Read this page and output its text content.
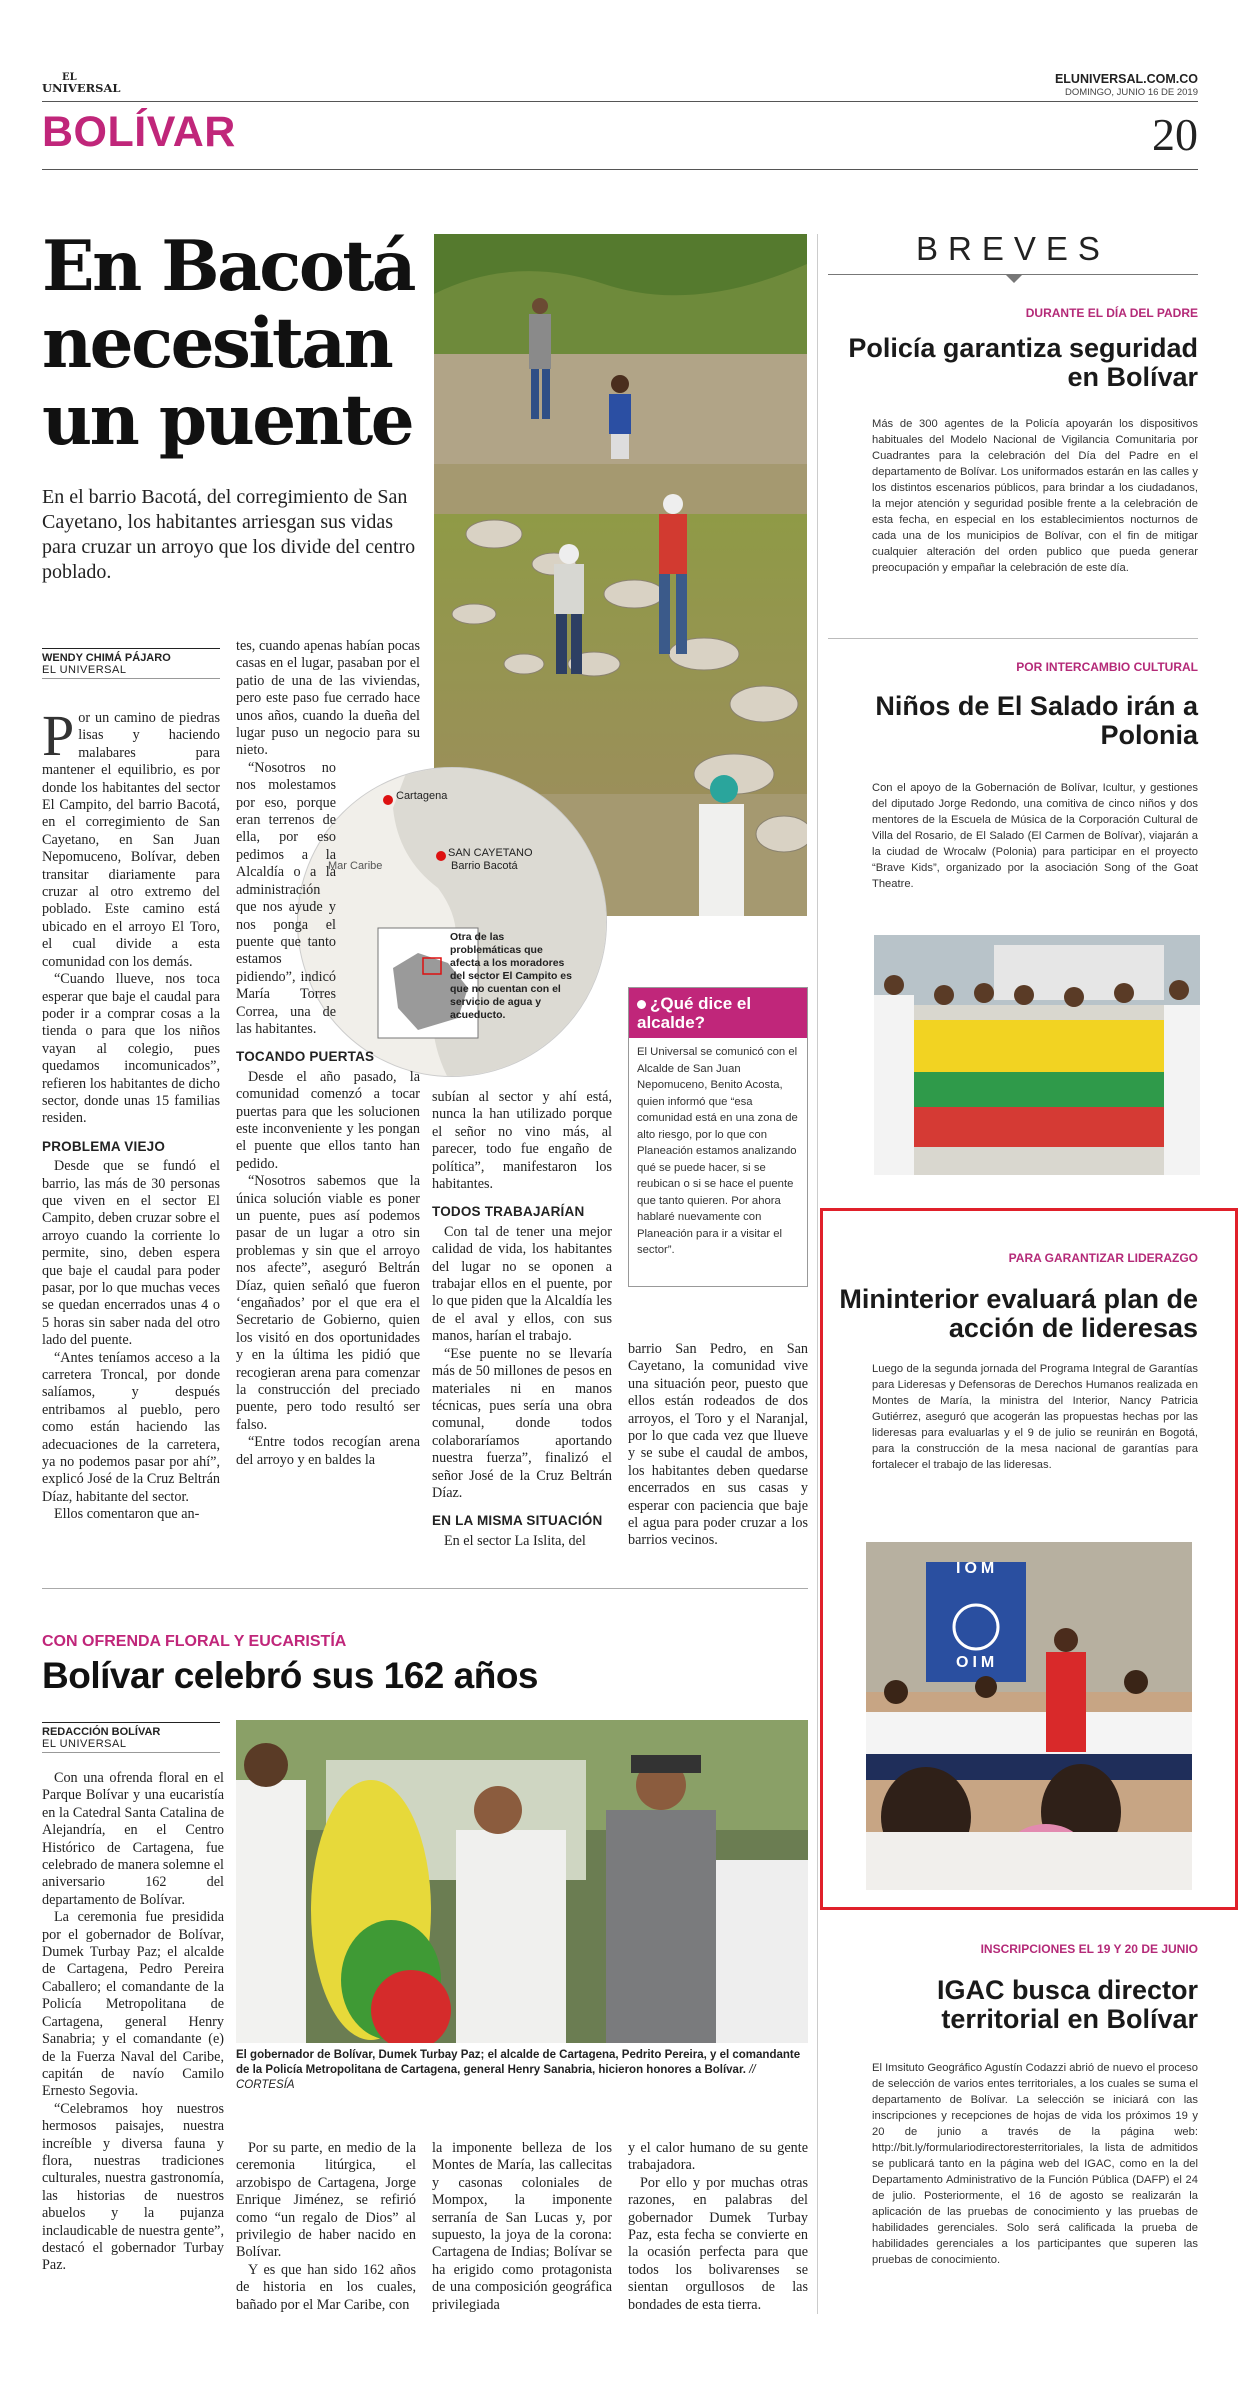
EL
UNIVERSAL
ELUNIVERSAL.COM.CO
DOMINGO, JUNIO 16 DE 2019
BOLÍVAR	20
En Bacotá necesitan un puente
En el barrio Bacotá, del corregimiento de San Cayetano, los habitantes arriesgan sus vidas para cruzar un arroyo que los divide del centro poblado.
Cartagena
SAN CAYETANO
Barrio Bacotá
Mar Caribe
Otra de las problemáticas que afecta a los moradores del sector El Campito es que no cuentan con el servicio de agua y acueducto.
WENDY CHIMÁ PÁJARO
EL UNIVERSAL

Por un camino de piedras lisas y haciendo malabares para mantener el equilibrio, es por donde los habitantes del sector El Campito, del barrio Bacotá, en el corregimiento de San Cayetano, en San Juan Nepomuceno, Bolívar, deben transitar diariamente para cruzar al otro extremo del poblado. Este camino está ubicado en el arroyo El Toro, el cual divide a esta comunidad con los demás.

“Cuando llueve, nos toca esperar que baje el caudal para poder ir a comprar cosas a la tienda o para que los niños vayan al colegio, pues quedamos incomunicados”, refieren los habitantes de dicho sector, donde unas 15 familias residen.

PROBLEMA VIEJO

Desde que se fundó el barrio, las más de 30 personas que viven en el sector El Campito, deben cruzar sobre el arroyo cuando la corriente lo permite, sino, deben espera que baje el caudal para poder pasar, por lo que muchas veces se quedan encerrados unas 4 o 5 horas sin saber nada del otro lado del puente.

“Antes teníamos acceso a la carretera Troncal, por donde salíamos, y después entribamos al pueblo, pero como están haciendo las adecuaciones de la carretera, ya no podemos pasar por ahí”, explicó José de la Cruz Beltrán Díaz, habitante del sector.

Ellos comentaron que an-

tes, cuando apenas habían pocas casas en el lugar, pasaban por el patio de una de las viviendas, pero este paso fue cerrado hace unos años, cuando la dueña del lugar puso un negocio para su nieto.

“Nosotros no nos molestamos por eso, porque eran terrenos de ella, por eso pedimos a la Alcaldía o a la administración que nos ayude y nos ponga el puente que tanto estamos pidiendo”, indicó María Torres Correa, una de las habitantes.

TOCANDO PUERTAS

Desde el año pasado, la comunidad comenzó a tocar puertas para que les solucionen este inconveniente y les pongan el puente que ellos tanto han pedido.

“Nosotros sabemos que la única solución viable es poner un puente, pues así podemos pasar de un lugar a otro sin problemas y sin que el arroyo nos afecte”, aseguró Beltrán Díaz, quien señaló que fueron ‘engañados’ por el que era el Secretario de Gobierno, quien los visitó en dos oportunidades y en la última les pidió que recogieran arena para comenzar la construcción del preciado puente, pero todo resultó ser falso.

“Entre todos recogían arena del arroyo y en baldes la

subían al sector y ahí está, nunca la han utilizado porque el señor no vino más, al parecer, todo fue engaño de política”, manifestaron los habitantes.

TODOS TRABAJARÍAN

Con tal de tener una mejor calidad de vida, los habitantes del lugar no se oponen a trabajar ellos en el puente, por lo que piden que la Alcaldía les de el aval y ellos, con sus manos, harían el trabajo.

“Ese puente no se llevaría más de 50 millones de pesos en materiales ni en manos técnicas, pues sería una obra comunal, donde todos colaboraríamos aportando nuestra fuerza”, finalizó el señor José de la Cruz Beltrán Díaz.

EN LA MISMA SITUACIÓN

En el sector La Islita, del

¿Qué dice el alcalde?
El Universal se comunicó con el Alcalde de San Juan Nepomuceno, Benito Acosta, quien informó que “esa comunidad está en una zona de alto riesgo, por lo que con Planeación estamos analizando qué se puede hacer, si se reubican o si se hace el puente que tanto quieren. Por ahora hablaré nuevamente con Planeación para ir a visitar el sector”.

barrio San Pedro, en San Cayetano, la comunidad vive una situación peor, puesto que ellos están rodeados de dos arroyos, el Toro y el Naranjal, por lo que cada vez que llueve y se sube el caudal de ambos, los habitantes deben quedarse encerrados en sus casas y esperar con paciencia que baje el agua para poder cruzar a los barrios vecinos.

CON OFRENDA FLORAL Y EUCARISTÍA
Bolívar celebró sus 162 años
REDACCIÓN BOLÍVAR
EL UNIVERSAL

Con una ofrenda floral en el Parque Bolívar y una eucaristía en la Catedral Santa Catalina de Alejandría, en el Centro Histórico de Cartagena, fue celebrado de manera solemne el aniversario 162 del departamento de Bolívar.

La ceremonia fue presidida por el gobernador de Bolívar, Dumek Turbay Paz; el alcalde de Cartagena, Pedro Pereira Caballero; el comandante de la Policía Metropolitana de Cartagena, general Henry Sanabria; y el comandante (e) de la Fuerza Naval del Caribe, capitán de navío Camilo Ernesto Segovia.

“Celebramos hoy nuestros hermosos paisajes, nuestra increíble y diversa fauna y flora, nuestras tradiciones culturales, nuestra gastronomía, las historias de nuestros abuelos y la pujanza inclaudicable de nuestra gente”, destacó el gobernador Turbay Paz.

El gobernador de Bolívar, Dumek Turbay Paz; el alcalde de Cartagena, Pedrito Pereira, y el comandante de la Policía Metropolitana de Cartagena, general Henry Sanabria, hicieron honores a Bolívar. // CORTESÍA

Por su parte, en medio de la ceremonia litúrgica, el arzobispo de Cartagena, Jorge Enrique Jiménez, se refirió como “un regalo de Dios” al privilegio de haber nacido en Bolívar.

Y es que han sido 162 años de historia en los cuales, bañado por el Mar Caribe, con

la imponente belleza de los Montes de María, las callecitas y casonas coloniales de Mompox, la imponente serranía de San Lucas y, por supuesto, la joya de la corona: Cartagena de Indias; Bolívar se ha erigido como protagonista de una composición geográfica privilegiada

y el calor humano de su gente trabajadora.

Por ello y por muchas otras razones, en palabras del gobernador Dumek Turbay Paz, esta fecha se convierte en la ocasión perfecta para que todos los bolivarenses se sientan orgullosos de las bondades de esta tierra.

BREVES
DURANTE EL DÍA DEL PADRE
Policía garantiza seguridad en Bolívar
Más de 300 agentes de la Policía apoyarán los dispositivos habituales del Modelo Nacional de Vigilancia Comunitaria por Cuadrantes para la celebración del Día del Padre en el departamento de Bolívar. Los uniformados estarán en las calles y los distintos escenarios públicos, para brindar a los ciudadanos, la mejor atención y seguridad posible frente a la celebración de esta fecha, en especial en los establecimientos nocturnos de cada una de los municipios de Bolívar, con el fin de mitigar cualquier alteración del orden publico que pueda generar preocupación y empañar la celebración de este día.
POR INTERCAMBIO CULTURAL
Niños de El Salado irán a Polonia
Con el apoyo de la Gobernación de Bolívar, Icultur, y gestiones del diputado Jorge Redondo, una comitiva de cinco niños y dos mentores de la Escuela de Música de la Corporación Cultural de Villa del Rosario, de El Salado (El Carmen de Bolívar), viajarán a la ciudad de Wrocalw (Polonia) para participar en el proyecto “Brave Kids”, organizado por la asociación Song of the Goat Theatre.
PARA GARANTIZAR LIDERAZGO
Mininterior evaluará plan de acción de lideresas
Luego de la segunda jornada del Programa Integral de Garantías para Lideresas y Defensoras de Derechos Humanos realizada en Montes de María, la ministra del Interior, Nancy Patricia Gutiérrez, aseguró que acogerán las propuestas hechas por las lideresas para evaluarlas y el 9 de julio se reunirán en Bogotá, para la construcción de la mesa nacional de garantías para fortalecer el trabajo de las lideresas.
IOM
OIM
INSCRIPCIONES EL 19 Y 20 DE JUNIO
IGAC busca director territorial en Bolívar
El Imsituto Geográfico Agustín Codazzi abrió de nuevo el proceso de selección de varios entes territoriales, a los cuales se suma el departamento de Bolívar. La selección se iniciará con las inscripciones y recepciones de hojas de vida los próximos 19 y 20 de junio a través de la página web: http://bit.ly/formulariodirectoresterritoriales, la lista de admitidos se publicará tanto en la página web del IGAC, como en la del Departamento Administrativo de la Función Pública (DAFP) el 24 de julio. Posteriormente, el 16 de agosto se realizarán la aplicación de las pruebas de conocimiento y las pruebas de habilidades gerenciales. Solo será calificada la prueba de habilidades gerenciales a los participantes que superen las pruebas de conocimiento.
